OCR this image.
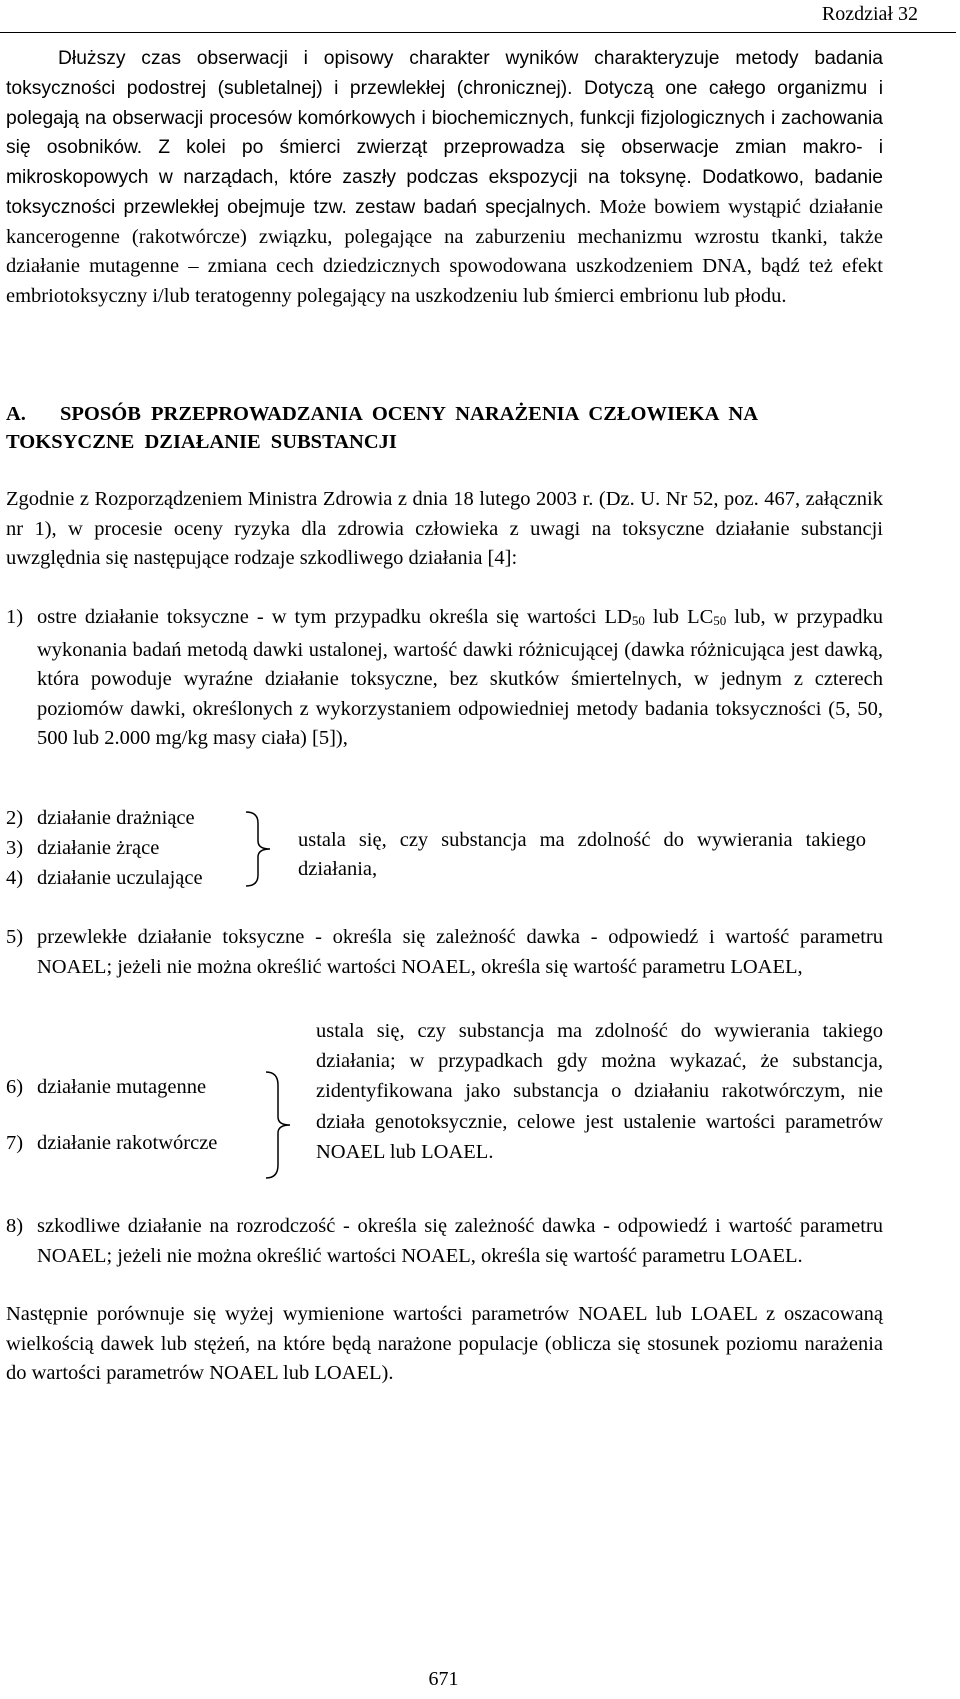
Rozdział 32

Dłuższy czas obserwacji i opisowy charakter wyników charakteryzuje metody badania toksyczności podostrej (subletalnej) i przewlekłej (chronicznej). Dotyczą one całego organizmu i polegają na obserwacji procesów komórkowych i biochemicznych, funkcji fizjologicznych i zachowania się osobników. Z kolei po śmierci zwierząt przeprowadza się obserwacje zmian makro- i mikroskopowych w narządach, które zaszły podczas ekspozycji na toksynę. Dodatkowo, badanie toksyczności przewlekłej obejmuje tzw. zestaw badań specjalnych. Może bowiem wystąpić działanie kancerogenne (rakotwórcze) związku, polegające na zaburzeniu mechanizmu wzrostu tkanki, także działanie mutagenne – zmiana cech dziedzicznych spowodowana uszkodzeniem DNA, bądź też efekt embriotoksyczny i/lub teratogenny polegający na uszkodzeniu lub śmierci embrionu lub płodu.

A. SPOSÓB PRZEPROWADZANIA OCENY NARAŻENIA CZŁOWIEKA NA TOKSYCZNE DZIAŁANIE SUBSTANCJI

Zgodnie z Rozporządzeniem Ministra Zdrowia z dnia 18 lutego 2003 r. (Dz. U. Nr 52, poz. 467, załącznik nr 1), w procesie oceny ryzyka dla zdrowia człowieka z uwagi na toksyczne działanie substancji uwzględnia się następujące rodzaje szkodliwego działania [4]:

1) ostre działanie toksyczne - w tym przypadku określa się wartości $LD_{50}$ lub $LC_{50}$ lub, w przypadku wykonania badań metodą dawki ustalonej, wartość dawki różnicującej (dawka różnicująca jest dawką, która powoduje wyraźne działanie toksyczne, bez skutków śmiertelnych, w jednym z czterech poziomów dawki, określonych z wykorzystaniem odpowiedniej metody badania toksyczności (5, 50, 500 lub 2.000 mg/kg masy ciała) [5]),
2) działanie drażniące
3) działanie żrące
4) działanie uczulające
ustala się, czy substancja ma zdolność do wywierania takiego działania,
5) przewlekłe działanie toksyczne - określa się zależność dawka - odpowiedź i wartość parametru NOAEL; jeżeli nie można określić wartości NOAEL, określa się wartość parametru LOAEL,
6) działanie mutagenne
7) działanie rakotwórcze
ustala się, czy substancja ma zdolność do wywierania takiego działania; w przypadkach gdy można wykazać, że substancja, zidentyfikowana jako substancja o działaniu rakotwórczym, nie działa genotoksycznie, celowe jest ustalenie wartości parametrów NOAEL lub LOAEL.
8) szkodliwe działanie na rozrodczość - określa się zależność dawka - odpowiedź i wartość parametru NOAEL; jeżeli nie można określić wartości NOAEL, określa się wartość parametru LOAEL.

Następnie porównuje się wyżej wymienione wartości parametrów NOAEL lub LOAEL z oszacowaną wielkością dawek lub stężeń, na które będą narażone populacje (oblicza się stosunek poziomu narażenia do wartości parametrów NOAEL lub LOAEL).

671
